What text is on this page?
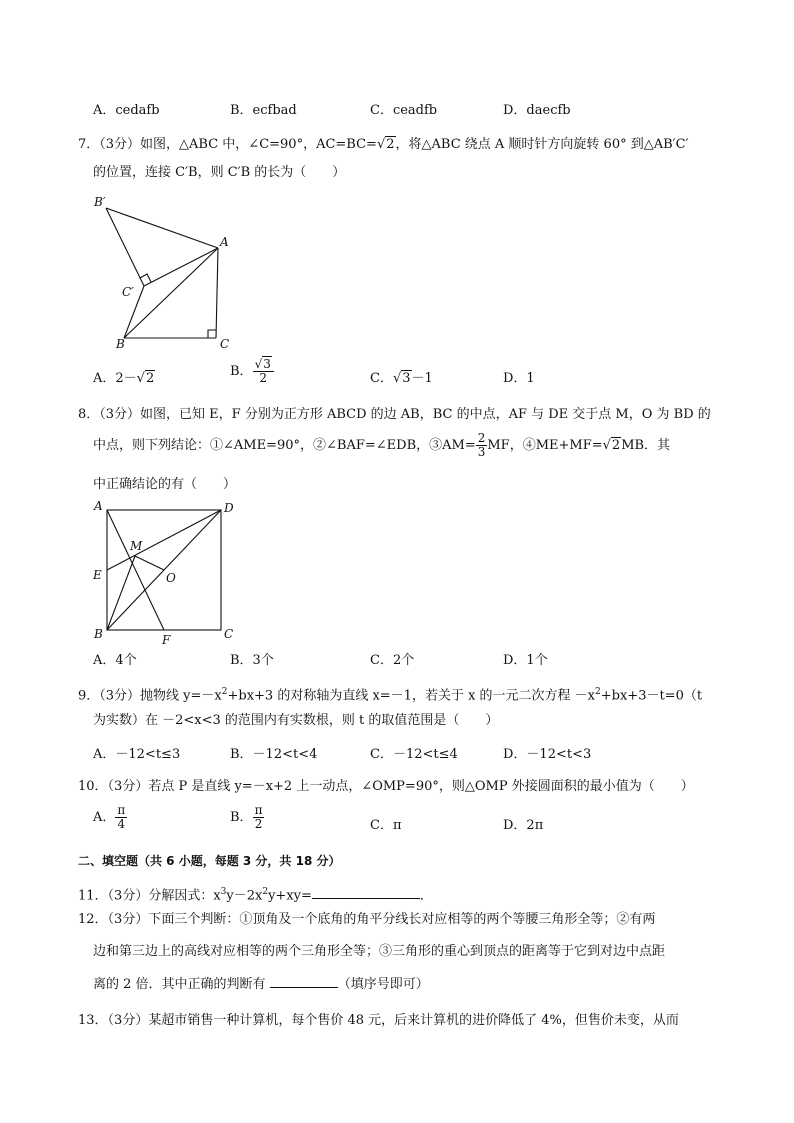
A．cedafb	B．ecfbad	C．ceadfb	D．daecfb
7．（3分）如图，△ABC 中，∠C=90°，AC=BC=√2，将△ABC 绕点 A 顺时针方向旋转 60° 到△AB′C′
的位置，连接 C′B，则 C′B 的长为（　　）
B′
A
C′
B	C
A．2－√2	B． $\frac{√3}{2}$	C．√3－1	D．1
8．（3分）如图，已知 E，F 分别为正方形 ABCD 的边 AB，BC 的中点，AF 与 DE 交于点 M，O 为 BD 的
中点，则下列结论：①∠AME=90°，②∠BAF=∠EDB，③AM= $\frac{2}{3}$ MF，④ME+MF=√2MB．其
中正确结论的有（　　）
A	D
M
E	O
B	F	C
A．4个	B．3个	C．2个	D．1个
9．（3分）抛物线 $y=-x^2+bx+3$ 的对称轴为直线 x=－1，若关于 x 的一元二次方程 $-x^2+bx+3-t=0(t$
为实数）在 －2<x<3 的范围内有实数根，则 t 的取值范围是（　　）
A．－12<t≤3	B．－12<t<4	C．－12<t≤4	D．－12<t<3
10．（3分）若点 P 是直线 y=－x+2 上一动点，∠OMP=90°，则△OMP 外接圆面积的最小值为（　　）
A． $\frac{\pi}{4}$	B． $\frac{\pi}{2}$	C．π	D．2π
二、填空题（共 6 小题，每题 3 分，共 18 分）
11．（3分）分解因式：$x^3y-2x^2y+xy=$	．
12．（3分）下面三个判断：①顶角及一个底角的角平分线长对应相等的两个等腰三角形全等；②有两
边和第三边上的高线对应相等的两个三角形全等；③三角形的重心到顶点的距离等于它到对边中点距
离的 2 倍．其中正确的判断有	（填序号即可）
13．（3分）某超市销售一种计算机，每个售价 48 元，后来计算机的进价降低了 4%，但售价未变，从而
